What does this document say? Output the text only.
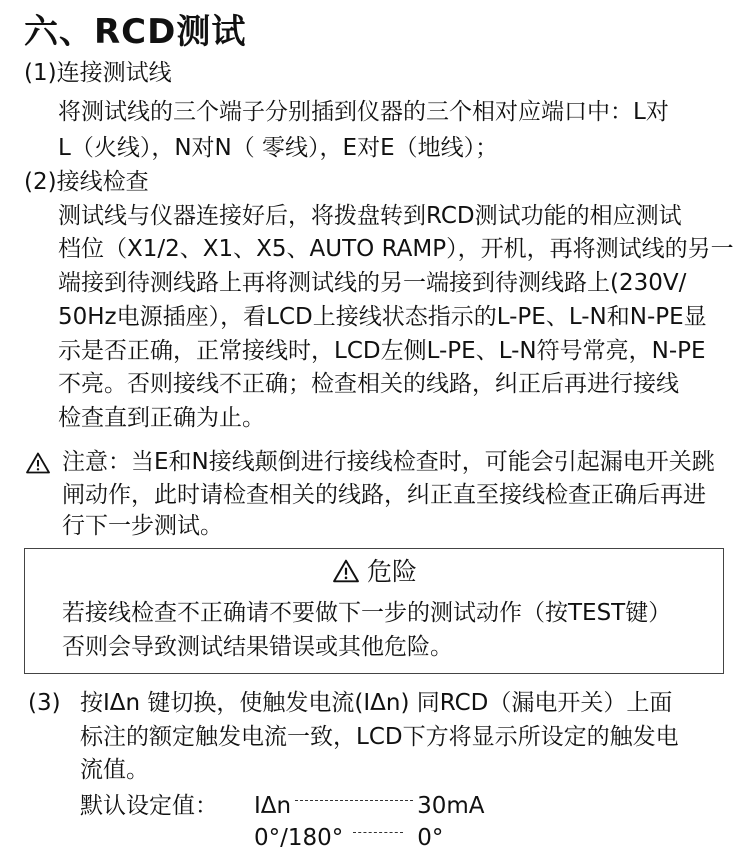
六、RCD测试
(1)连接测试线
将测试线的三个端子分别插到仪器的三个相对应端口中：L对
L（火线），N对N（ 零线），E对E（地线）；
(2)接线检查
测试线与仪器连接好后，将拨盘转到RCD测试功能的相应测试
档位（X1/2、X1、X5、AUTO RAMP），开机，再将测试线的另一
端接到待测线路上再将测试线的另一端接到待测线路上(230V/
50Hz电源插座），看LCD上接线状态指示的L-PE、L-N和N-PE显
示是否正确，正常接线时，LCD左侧L-PE、L-N符号常亮，N-PE
不亮。否则接线不正确；检查相关的线路，纠正后再进行接线
检查直到正确为止。
注意：当E和N接线颠倒进行接线检查时，可能会引起漏电开关跳
闸动作，此时请检查相关的线路，纠正直至接线检查正确后再进
行下一步测试。
危险
若接线检查不正确请不要做下一步的测试动作（按TEST键）
否则会导致测试结果错误或其他危险。
(3) 按IΔn 键切换，使触发电流(IΔn) 同RCD（漏电开关）上面
标注的额定触发电流一致，LCD下方将显示所设定的触发电
流值。
默认设定值： IΔn	30mA
0°/180°	0°
